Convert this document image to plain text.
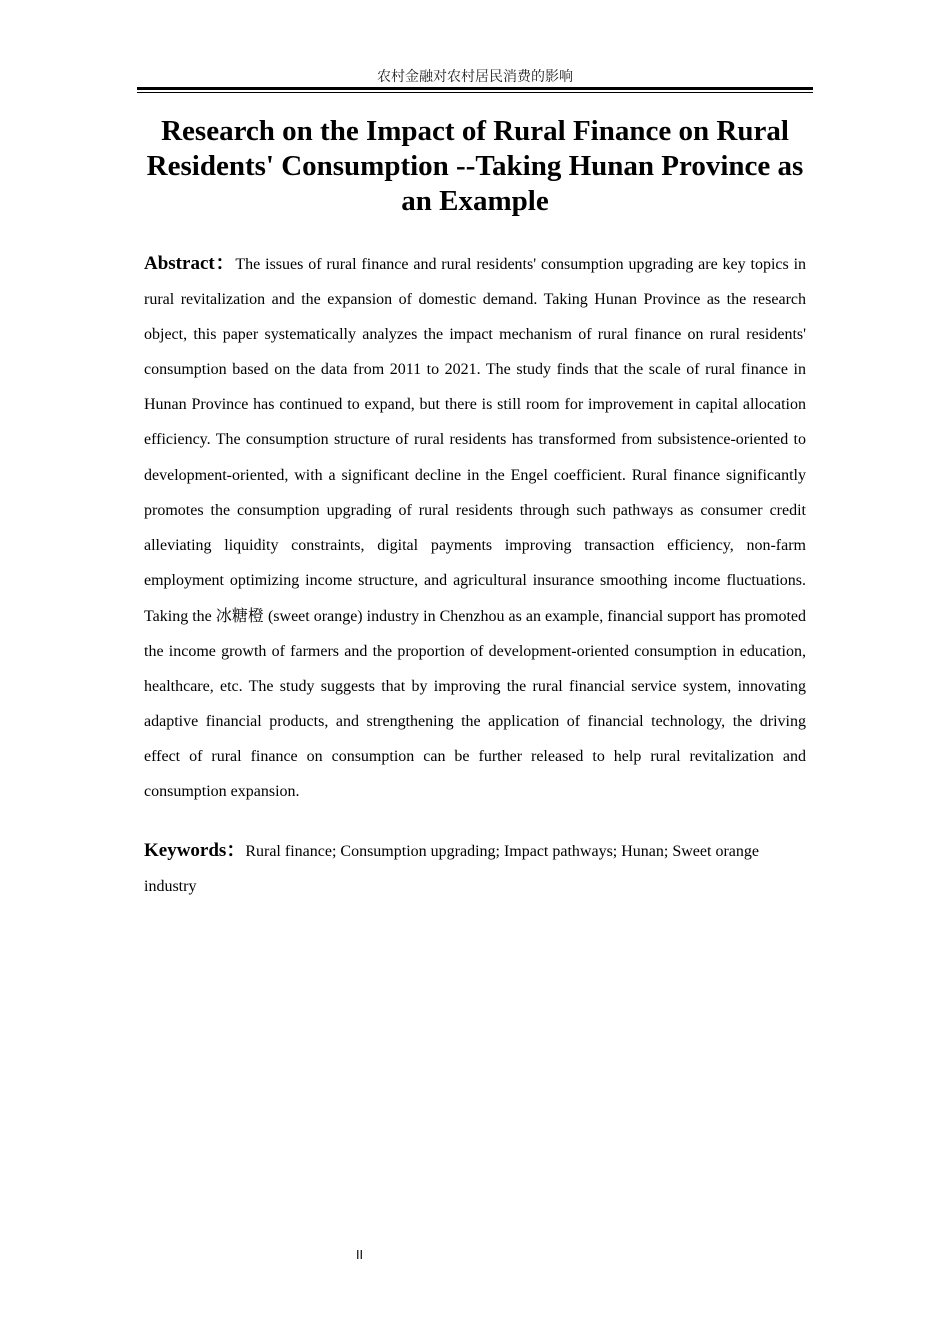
农村金融对农村居民消费的影响
Research on the Impact of Rural Finance on Rural Residents' Consumption --Taking Hunan Province as an Example

Abstract：The issues of rural finance and rural residents' consumption upgrading are key topics in rural revitalization and the expansion of domestic demand. Taking Hunan Province as the research object, this paper systematically analyzes the impact mechanism of rural finance on rural residents' consumption based on the data from 2011 to 2021. The study finds that the scale of rural finance in Hunan Province has continued to expand, but there is still room for improvement in capital allocation efficiency. The consumption structure of rural residents has transformed from subsistence-oriented to development-oriented, with a significant decline in the Engel coefficient. Rural finance significantly promotes the consumption upgrading of rural residents through such pathways as consumer credit alleviating liquidity constraints, digital payments improving transaction efficiency, non-farm employment optimizing income structure, and agricultural insurance smoothing income fluctuations. Taking the 冰糖橙 (sweet orange) industry in Chenzhou as an example, financial support has promoted the income growth of farmers and the proportion of development-oriented consumption in education, healthcare, etc. The study suggests that by improving the rural financial service system, innovating adaptive financial products, and strengthening the application of financial technology, the driving effect of rural finance on consumption can be further released to help rural revitalization and consumption expansion.

Keywords：Rural finance; Consumption upgrading; Impact pathways; Hunan; Sweet orange industry

II
